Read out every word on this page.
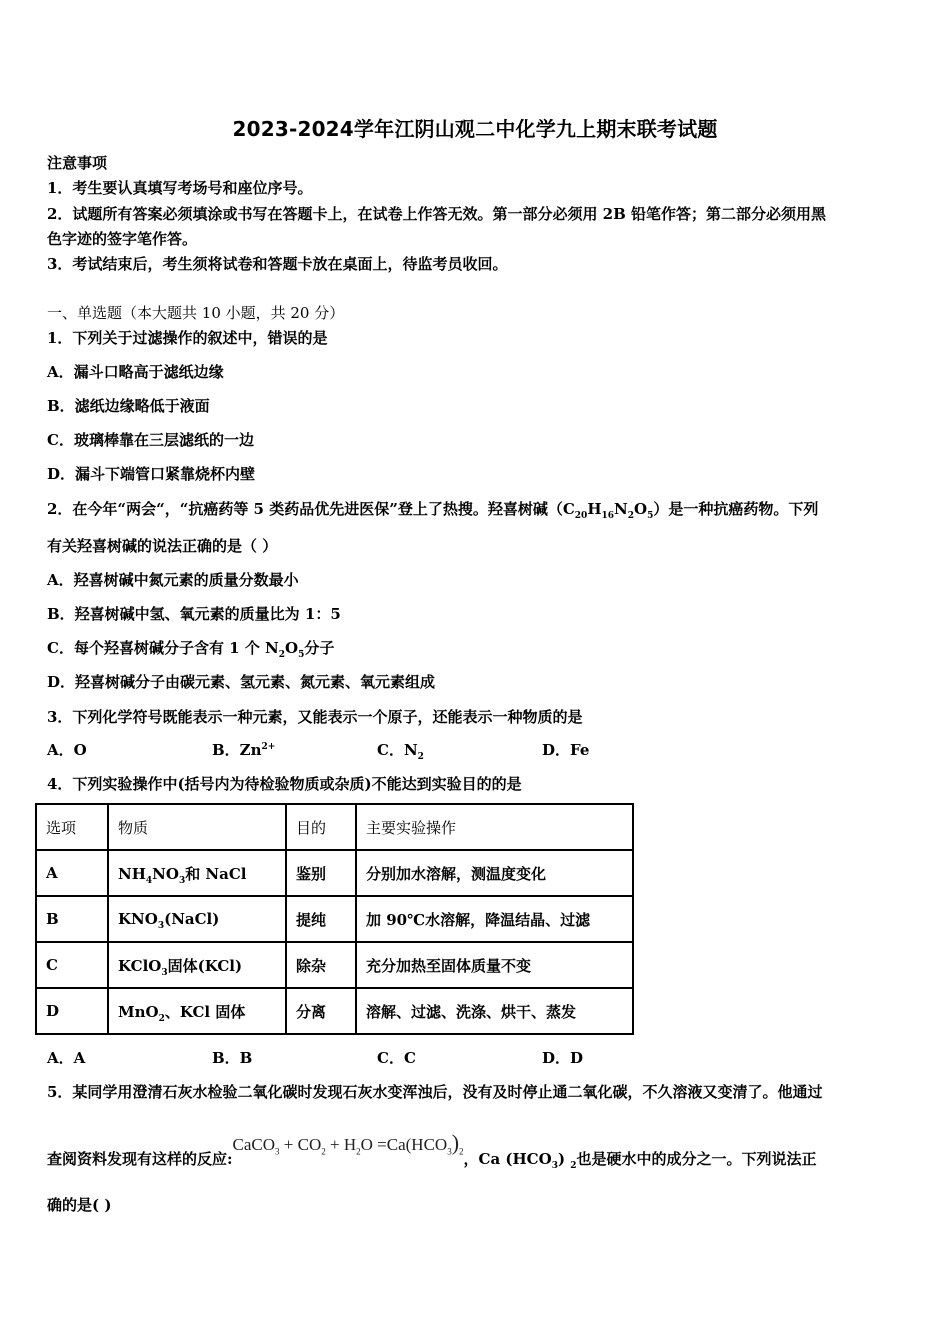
2023-2024学年江阴山观二中化学九上期末联考试题
注意事项
1．考生要认真填写考场号和座位序号。
2．试题所有答案必须填涂或书写在答题卡上，在试卷上作答无效。第一部分必须用 2B 铅笔作答；第二部分必须用黑
色字迹的签字笔作答。
3．考试结束后，考生须将试卷和答题卡放在桌面上，待监考员收回。
一、单选题（本大题共 10 小题，共 20 分）
1．下列关于过滤操作的叙述中，错误的是
A．漏斗口略高于滤纸边缘
B．滤纸边缘略低于液面
C．玻璃棒靠在三层滤纸的一边
D．漏斗下端管口紧靠烧杯内壁
2．在今年“两会“，“抗癌药等 5 类药品优先进医保”登上了热搜。羟喜树碱$(C_{20}H_{16}N_2O_5)$是一种抗癌药物。下列
有关羟喜树碱的说法正确的是（ ）
A．羟喜树碱中氮元素的质量分数最小
B．羟喜树碱中氢、氧元素的质量比为 1：5
C．每个羟喜树碱分子含有 1 个 $N_2O_5$分子
D．羟喜树碱分子由碳元素、氢元素、氮元素、氧元素组成
3．下列化学符号既能表示一种元素，又能表示一个原子，还能表示一种物质的是
A．O	B．$Zn^{2+}$	C．$N_2$	D．Fe
4．下列实验操作中(括号内为待检验物质或杂质)不能达到实验目的的是
选项	物质	目的	主要实验操作
A	$NH_4NO_3$和 NaCl	鉴别	分别加水溶解，测温度变化
B	$KNO_3(NaCl)$	提纯	加 90℃水溶解，降温结晶、过滤
C	KClO$_3$固体(KCl)	除杂	充分加热至固体质量不变
D	MnO$_2$、KCl 固体	分离	溶解、过滤、洗涤、烘干、蒸发
A．A	B．B	C．C	D．D
5．某同学用澄清石灰水检验二氧化碳时发现石灰水变浑浊后，没有及时停止通二氧化碳，不久溶液又变清了。他通过
查阅资料发现有这样的反应:CaCO$_3$ + $CO_2 + H_2O =Ca(HCO_3)_2$，Ca $(HCO_3)$ $_2$也是硬水中的成分之一。下列说法正
确的是( )
